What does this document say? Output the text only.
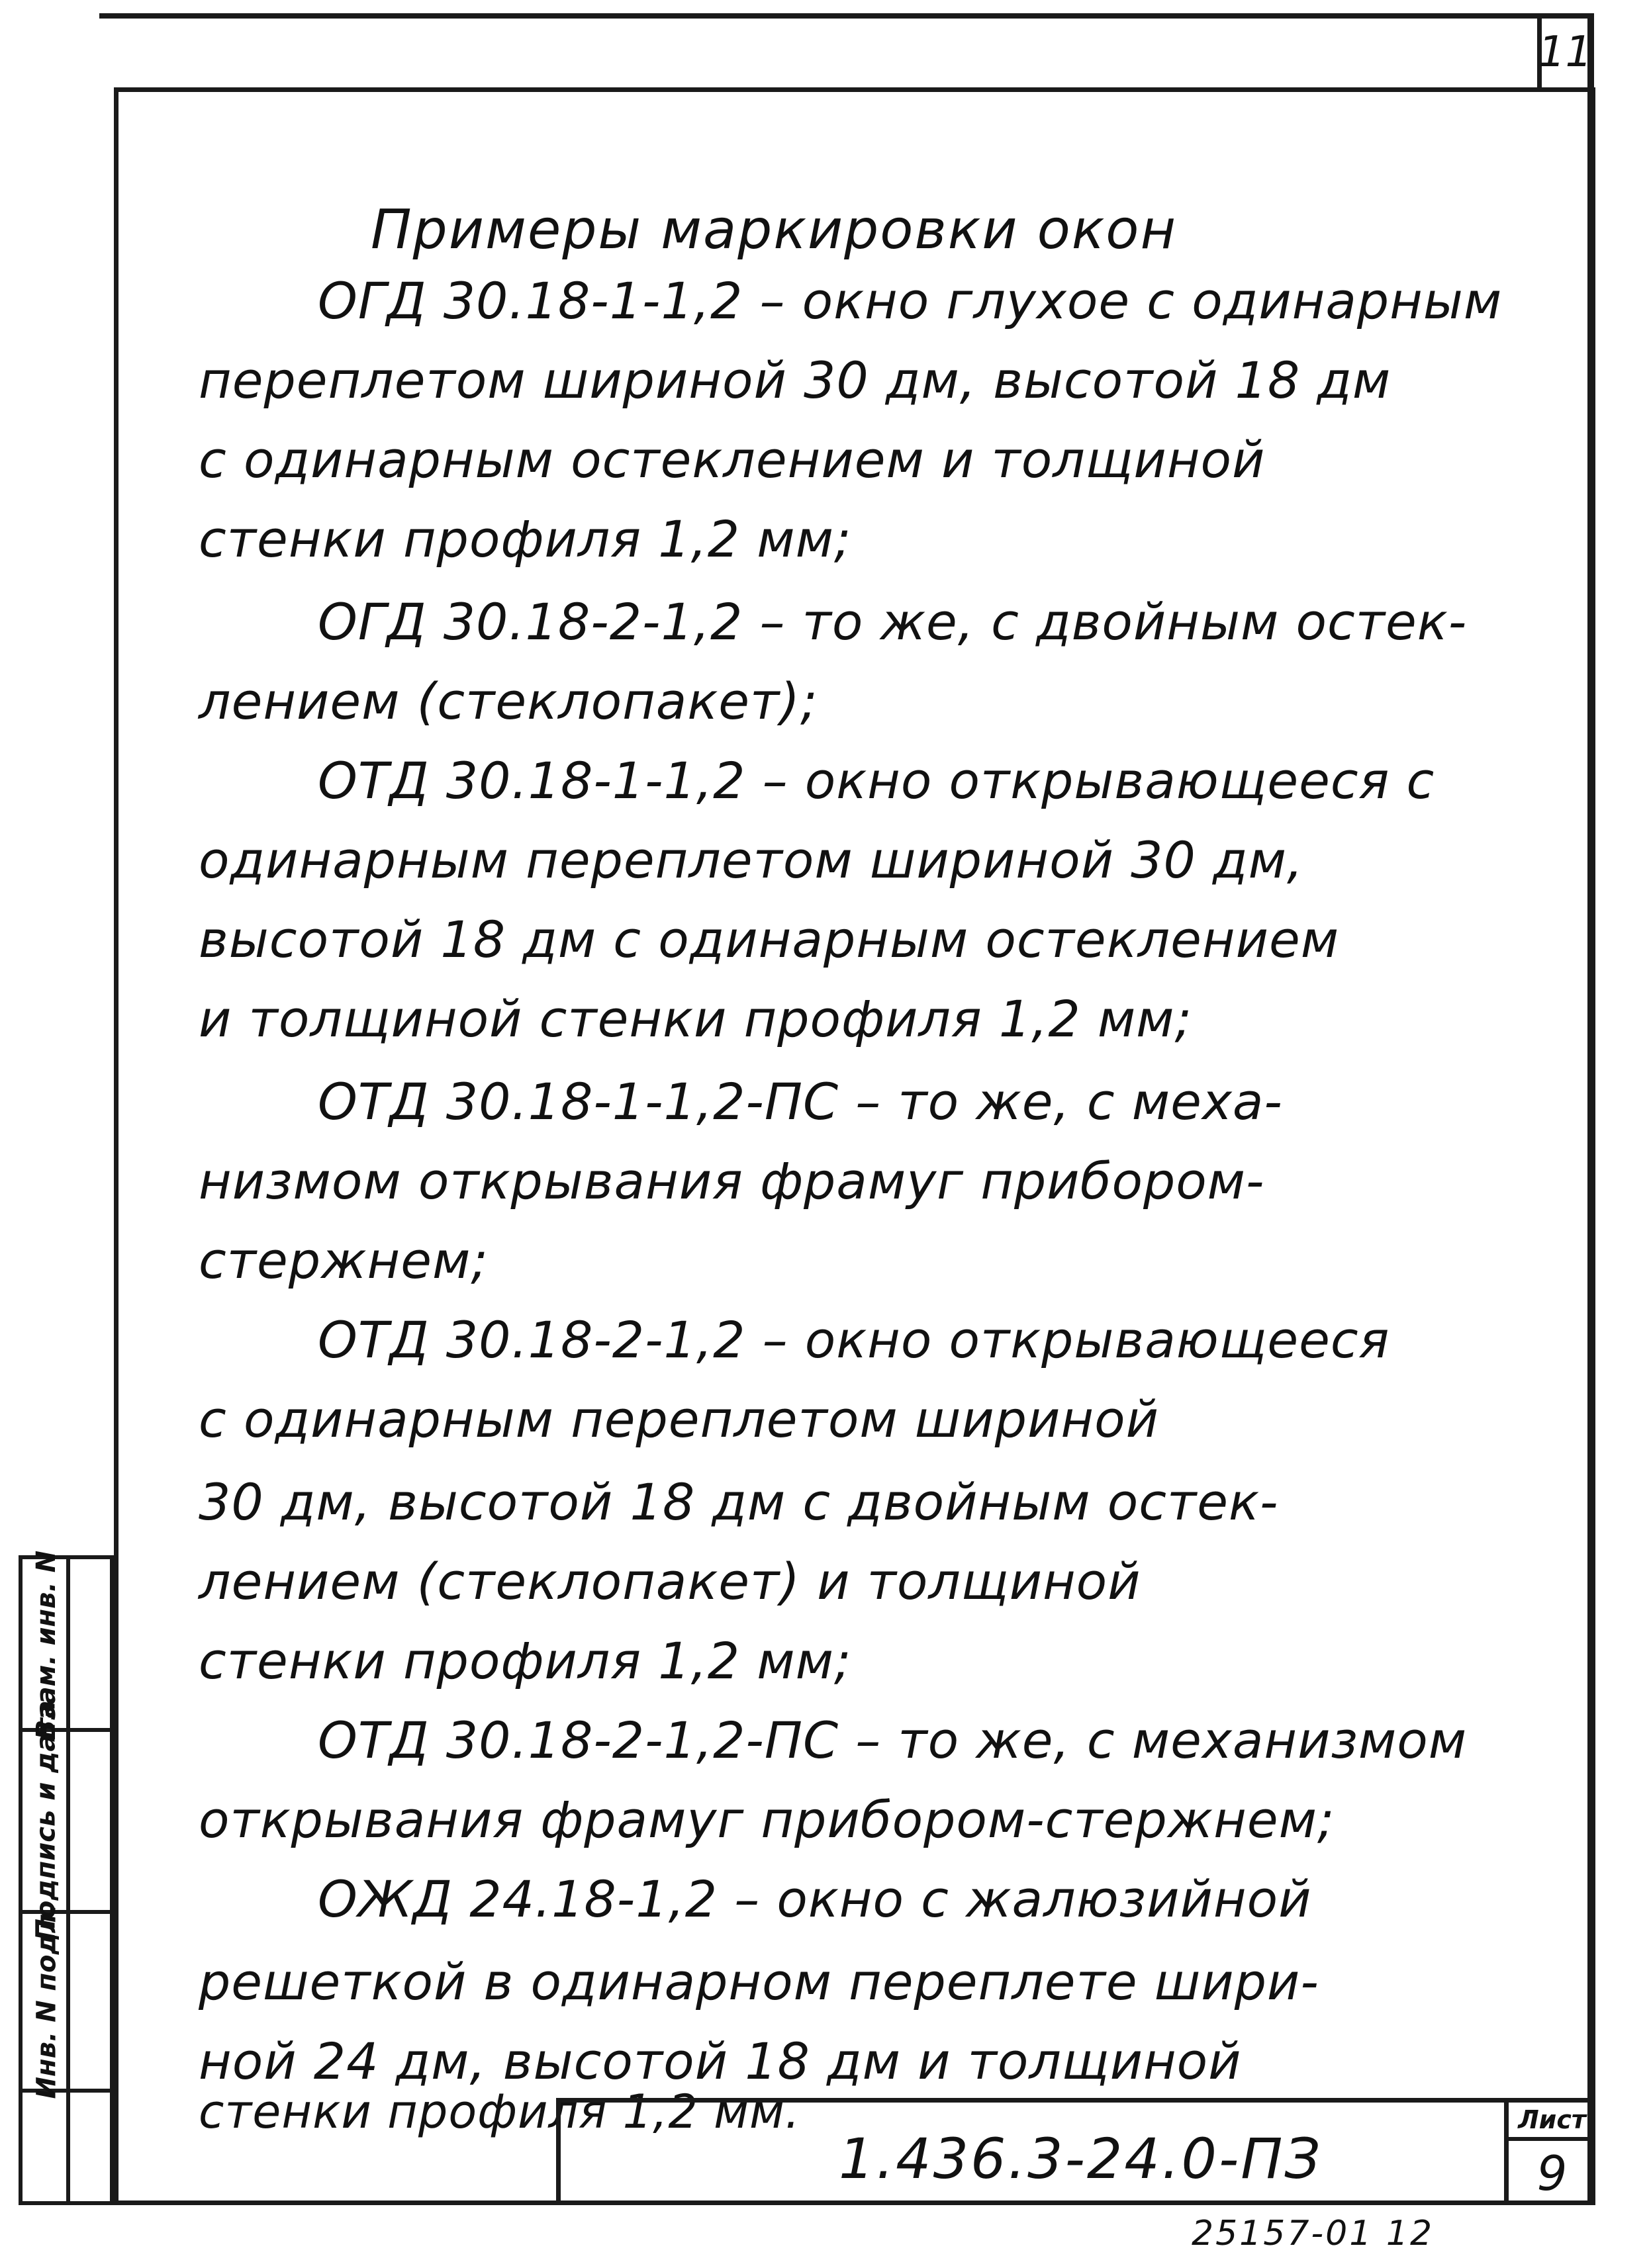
11
Взам. инв. N
Подпись и дата
Инв. N подл.
Примеры маркировки окон
ОГД 30.18-1-1,2 – окно глухое с одинарным
переплетом шириной 30 дм, высотой 18 дм
с одинарным остеклением и толщиной
стенки профиля 1,2 мм;
ОГД 30.18-2-1,2 – то же, с двойным остек-
лением (стеклопакет);
ОТД 30.18-1-1,2 – окно открывающееся с
одинарным переплетом шириной 30 дм,
высотой 18 дм с одинарным остеклением
и толщиной стенки профиля 1,2 мм;
ОТД 30.18-1-1,2-ПС – то же, с меха-
низмом открывания фрамуг прибором-
стержнем;
ОТД 30.18-2-1,2 – окно открывающееся
с одинарным переплетом шириной
30 дм, высотой 18 дм с двойным остек-
лением (стеклопакет) и толщиной
стенки профиля 1,2 мм;
ОТД 30.18-2-1,2-ПС – то же, с механизмом
открывания фрамуг прибором-стержнем;
ОЖД 24.18-1,2 – окно с жалюзийной
решеткой в одинарном переплете шири-
ной 24 дм, высотой 18 дм и толщиной
стенки профиля 1,2 мм.
1.436.3-24.0-ПЗ
Лист
9
25157-01 12
